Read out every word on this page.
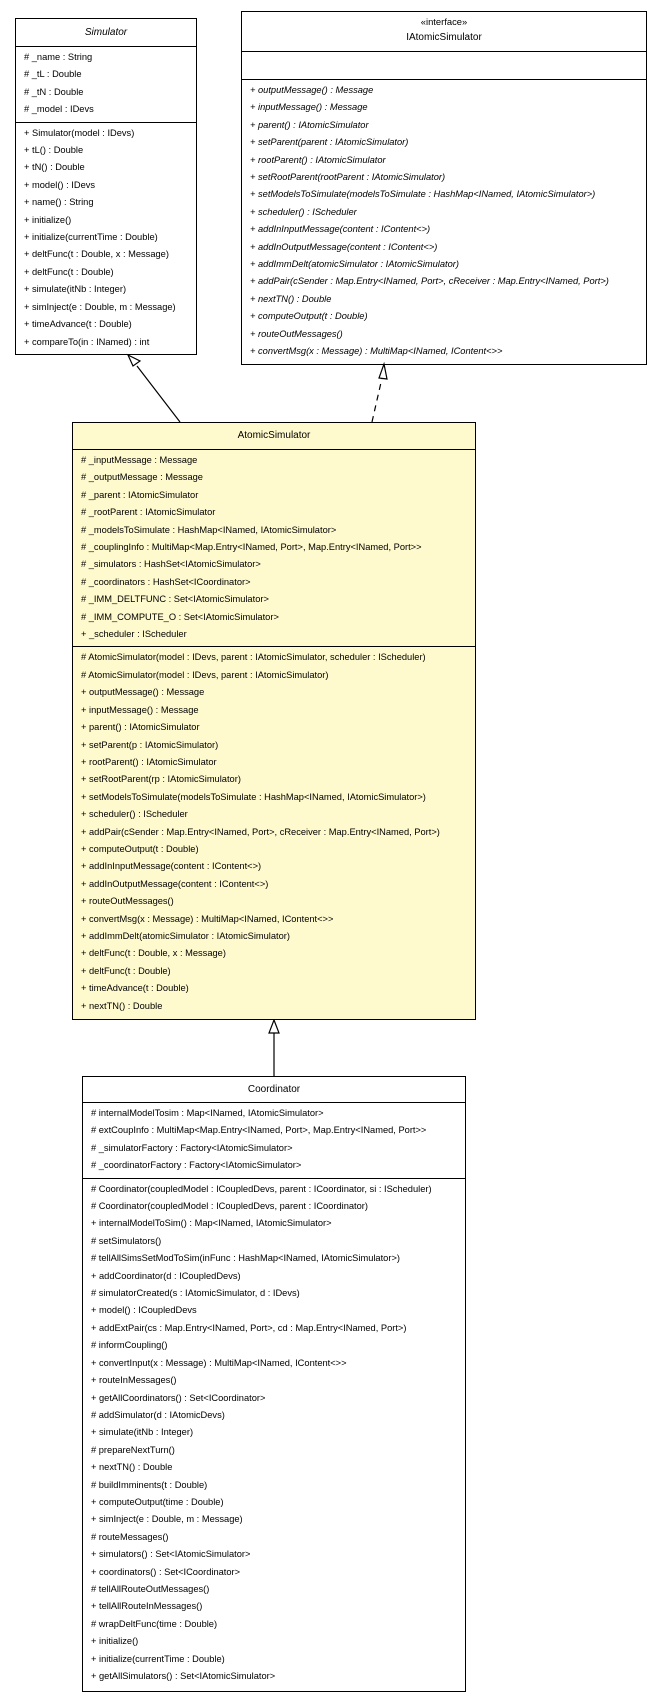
Simulator
# _name : String
# _tL : Double
# _tN : Double
# _model : IDevs
+ Simulator(model : IDevs)
+ tL() : Double
+ tN() : Double
+ model() : IDevs
+ name() : String
+ initialize()
+ initialize(currentTime : Double)
+ deltFunc(t : Double, x : Message)
+ deltFunc(t : Double)
+ simulate(itNb : Integer)
+ simInject(e : Double, m : Message)
+ timeAdvance(t : Double)
+ compareTo(in : INamed) : int
«interface»
IAtomicSimulator
+ outputMessage() : Message
+ inputMessage() : Message
+ parent() : IAtomicSimulator
+ setParent(parent : IAtomicSimulator)
+ rootParent() : IAtomicSimulator
+ setRootParent(rootParent : IAtomicSimulator)
+ setModelsToSimulate(modelsToSimulate : HashMap<INamed, IAtomicSimulator>)
+ scheduler() : IScheduler
+ addInInputMessage(content : IContent<>)
+ addInOutputMessage(content : IContent<>)
+ addImmDelt(atomicSimulator : IAtomicSimulator)
+ addPair(cSender : Map.Entry<INamed, Port>, cReceiver : Map.Entry<INamed, Port>)
+ nextTN() : Double
+ computeOutput(t : Double)
+ routeOutMessages()
+ convertMsg(x : Message) : MultiMap<INamed, IContent<>>
AtomicSimulator
# _inputMessage : Message
# _outputMessage : Message
# _parent : IAtomicSimulator
# _rootParent : IAtomicSimulator
# _modelsToSimulate : HashMap<INamed, IAtomicSimulator>
# _couplingInfo : MultiMap<Map.Entry<INamed, Port>, Map.Entry<INamed, Port>>
# _simulators : HashSet<IAtomicSimulator>
# _coordinators : HashSet<ICoordinator>
# _IMM_DELTFUNC : Set<IAtomicSimulator>
# _IMM_COMPUTE_O : Set<IAtomicSimulator>
+ _scheduler : IScheduler
# AtomicSimulator(model : IDevs, parent : IAtomicSimulator, scheduler : IScheduler)
# AtomicSimulator(model : IDevs, parent : IAtomicSimulator)
+ outputMessage() : Message
+ inputMessage() : Message
+ parent() : IAtomicSimulator
+ setParent(p : IAtomicSimulator)
+ rootParent() : IAtomicSimulator
+ setRootParent(rp : IAtomicSimulator)
+ setModelsToSimulate(modelsToSimulate : HashMap<INamed, IAtomicSimulator>)
+ scheduler() : IScheduler
+ addPair(cSender : Map.Entry<INamed, Port>, cReceiver : Map.Entry<INamed, Port>)
+ computeOutput(t : Double)
+ addInInputMessage(content : IContent<>)
+ addInOutputMessage(content : IContent<>)
+ routeOutMessages()
+ convertMsg(x : Message) : MultiMap<INamed, IContent<>>
+ addImmDelt(atomicSimulator : IAtomicSimulator)
+ deltFunc(t : Double, x : Message)
+ deltFunc(t : Double)
+ timeAdvance(t : Double)
+ nextTN() : Double
Coordinator
# internalModelTosim : Map<INamed, IAtomicSimulator>
# extCoupInfo : MultiMap<Map.Entry<INamed, Port>, Map.Entry<INamed, Port>>
# _simulatorFactory : Factory<IAtomicSimulator>
# _coordinatorFactory : Factory<IAtomicSimulator>
# Coordinator(coupledModel : ICoupledDevs, parent : ICoordinator, si : IScheduler)
# Coordinator(coupledModel : ICoupledDevs, parent : ICoordinator)
+ internalModelToSim() : Map<INamed, IAtomicSimulator>
# setSimulators()
# tellAllSimsSetModToSim(inFunc : HashMap<INamed, IAtomicSimulator>)
+ addCoordinator(d : ICoupledDevs)
# simulatorCreated(s : IAtomicSimulator, d : IDevs)
+ model() : ICoupledDevs
+ addExtPair(cs : Map.Entry<INamed, Port>, cd : Map.Entry<INamed, Port>)
# informCoupling()
+ convertInput(x : Message) : MultiMap<INamed, IContent<>>
+ routeInMessages()
+ getAllCoordinators() : Set<ICoordinator>
# addSimulator(d : IAtomicDevs)
+ simulate(itNb : Integer)
# prepareNextTurn()
+ nextTN() : Double
# buildImminents(t : Double)
+ computeOutput(time : Double)
+ simInject(e : Double, m : Message)
# routeMessages()
+ simulators() : Set<IAtomicSimulator>
+ coordinators() : Set<ICoordinator>
# tellAllRouteOutMessages()
+ tellAllRouteInMessages()
# wrapDeltFunc(time : Double)
+ initialize()
+ initialize(currentTime : Double)
+ getAllSimulators() : Set<IAtomicSimulator>
